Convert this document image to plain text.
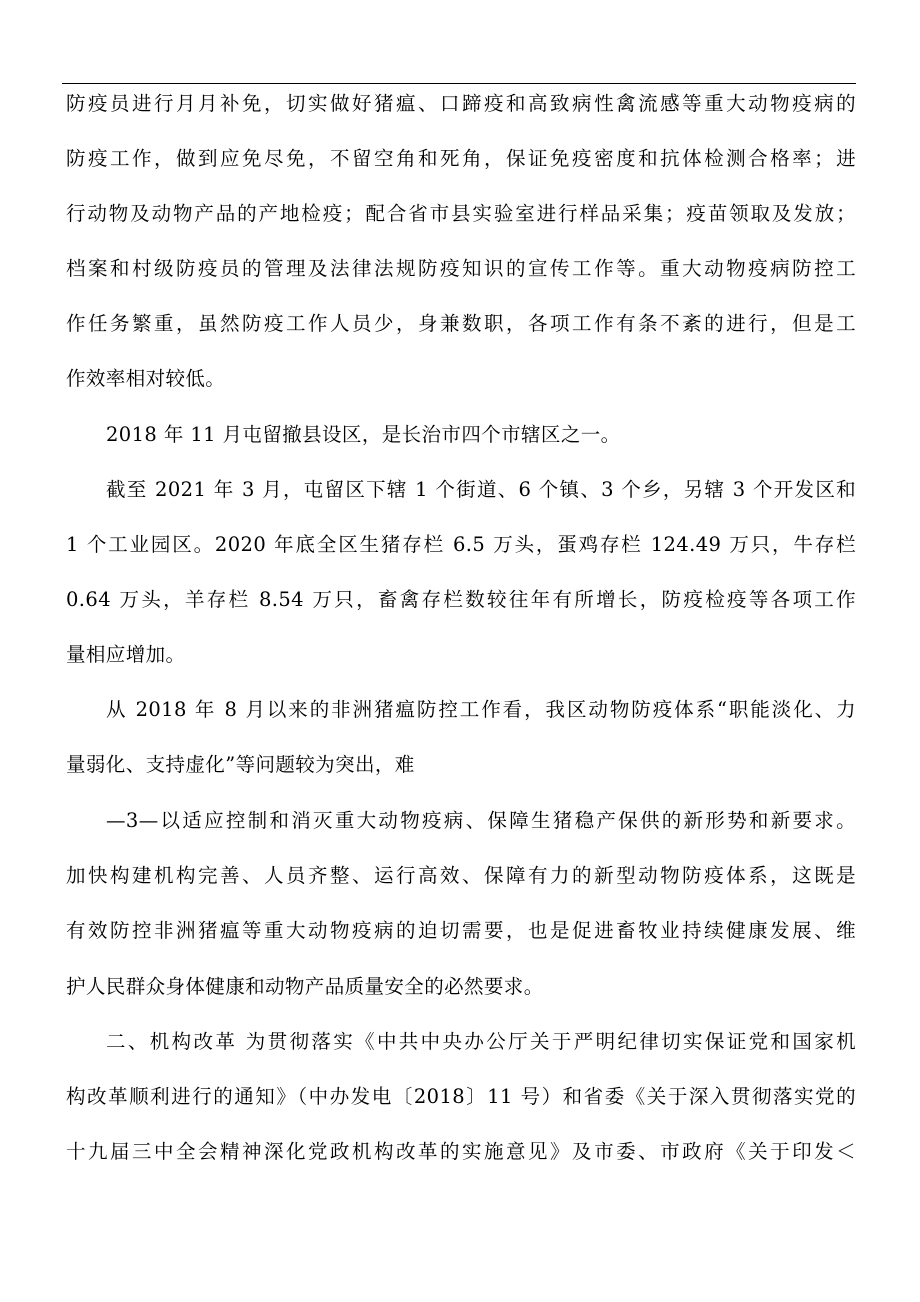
防疫员进行月月补免，切实做好猪瘟、口蹄疫和高致病性禽流感等重大动物疫病的
防疫工作，做到应免尽免，不留空角和死角，保证免疫密度和抗体检测合格率；进
行动物及动物产品的产地检疫；配合省市县实验室进行样品采集；疫苗领取及发放；
档案和村级防疫员的管理及法律法规防疫知识的宣传工作等。重大动物疫病防控工
作任务繁重，虽然防疫工作人员少，身兼数职，各项工作有条不紊的进行，但是工
作效率相对较低。
2018 年 11 月屯留撤县设区，是长治市四个市辖区之一。
截至 2021 年 3 月，屯留区下辖 1 个街道、6 个镇、3 个乡，另辖 3 个开发区和
1 个工业园区。2020 年底全区生猪存栏 6.5 万头，蛋鸡存栏 124.49 万只，牛存栏
0.64 万头，羊存栏 8.54 万只，畜禽存栏数较往年有所增长，防疫检疫等各项工作
量相应增加。
从 2018 年 8 月以来的非洲猪瘟防控工作看，我区动物防疫体系“职能淡化、力
量弱化、支持虚化”等问题较为突出，难
—3—以适应控制和消灭重大动物疫病、保障生猪稳产保供的新形势和新要求。
加快构建机构完善、人员齐整、运行高效、保障有力的新型动物防疫体系，这既是
有效防控非洲猪瘟等重大动物疫病的迫切需要，也是促进畜牧业持续健康发展、维
护人民群众身体健康和动物产品质量安全的必然要求。
二、机构改革 为贯彻落实《中共中央办公厅关于严明纪律切实保证党和国家机
构改革顺利进行的通知》（中办发电〔2018〕11 号）和省委《关于深入贯彻落实党的
十九届三中全会精神深化党政机构改革的实施意见》及市委、市政府《关于印发＜
